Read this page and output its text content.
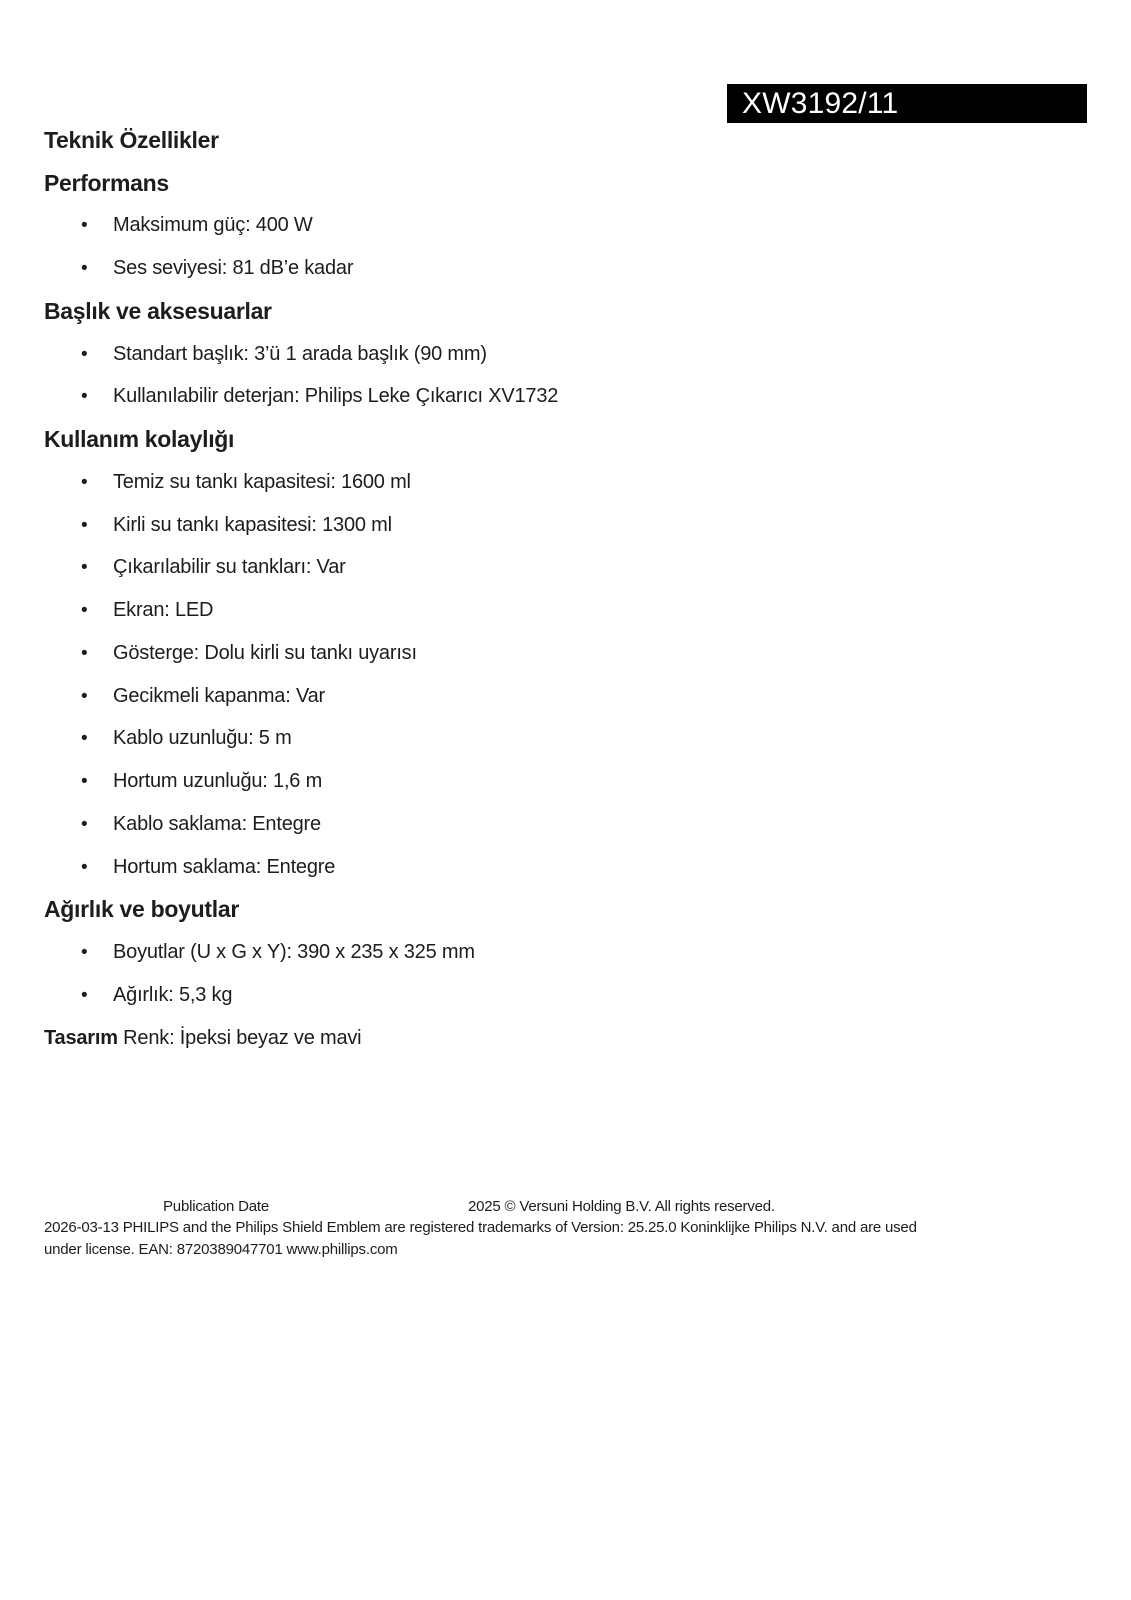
XW3192/11
Teknik Özellikler
Performans
•	Maksimum güç: 400 W
•	Ses seviyesi: 81 dB’e kadar
Başlık ve aksesuarlar
•	Standart başlık: 3’ü 1 arada başlık (90 mm)
•	Kullanılabilir deterjan: Philips Leke Çıkarıcı XV1732
Kullanım kolaylığı
•	Temiz su tankı kapasitesi: 1600 ml
•	Kirli su tankı kapasitesi: 1300 ml
•	Çıkarılabilir su tankları: Var
•	Ekran: LED
•	Gösterge: Dolu kirli su tankı uyarısı
•	Gecikmeli kapanma: Var
•	Kablo uzunluğu: 5 m
•	Hortum uzunluğu: 1,6 m
•	Kablo saklama: Entegre
•	Hortum saklama: Entegre
Ağırlık ve boyutlar
•	Boyutlar (U x G x Y): 390 x 235 x 325 mm
•	Ağırlık: 5,3 kg
Tasarım Renk: İpeksi beyaz ve mavi
Publication Date	2025 © Versuni Holding B.V. All rights reserved.
2026-03-13 PHILIPS and the Philips Shield Emblem are registered trademarks of Version: 25.25.0 Koninklijke Philips N.V. and are used
under license. EAN: 8720389047701 www.phillips.com
